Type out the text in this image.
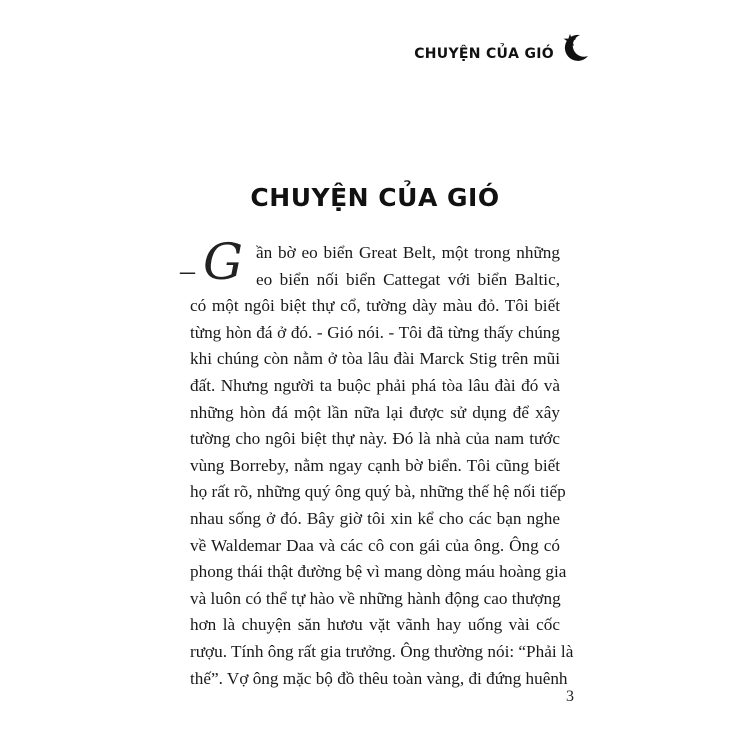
CHUYỆN CỦA GIÓ
CHUYỆN CỦA GIÓ
– G ần bờ eo biển Great Belt, một trong những
eo biển nối biển Cattegat với biển Baltic,
có một ngôi biệt thự cổ, tường dày màu đỏ. Tôi biết
từng hòn đá ở đó. - Gió nói. - Tôi đã từng thấy chúng
khi chúng còn nằm ở tòa lâu đài Marck Stig trên mũi
đất. Nhưng người ta buộc phải phá tòa lâu đài đó và
những hòn đá một lần nữa lại được sử dụng để xây
tường cho ngôi biệt thự này. Đó là nhà của nam tước
vùng Borreby, nằm ngay cạnh bờ biển. Tôi cũng biết
họ rất rõ, những quý ông quý bà, những thế hệ nối tiếp
nhau sống ở đó. Bây giờ tôi xin kể cho các bạn nghe
về Waldemar Daa và các cô con gái của ông. Ông có
phong thái thật đường bệ vì mang dòng máu hoàng gia
và luôn có thể tự hào về những hành động cao thượng
hơn là chuyện săn hươu vặt vãnh hay uống vài cốc
rượu. Tính ông rất gia trưởng. Ông thường nói: “Phải là
thế”. Vợ ông mặc bộ đồ thêu toàn vàng, đi đứng huênh
3
